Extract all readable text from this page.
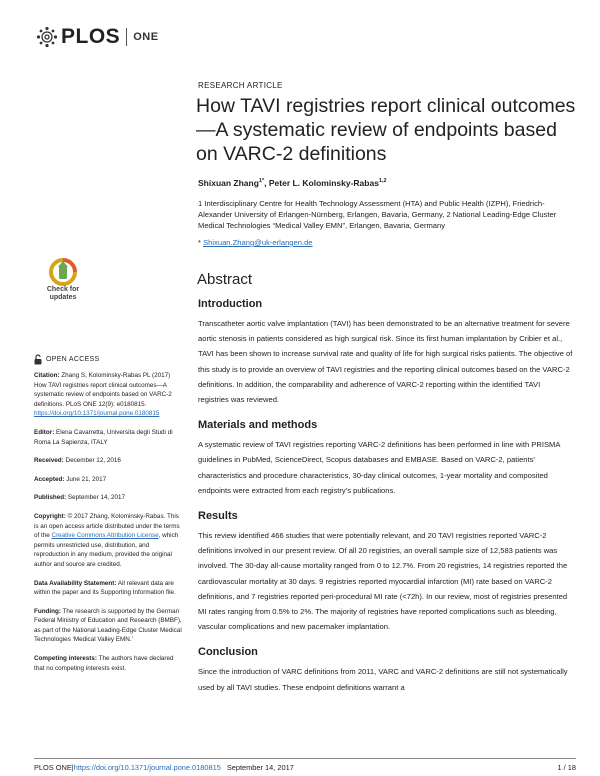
PLOS ONE
RESEARCH ARTICLE
How TAVI registries report clinical outcomes—A systematic review of endpoints based on VARC-2 definitions
Shixuan Zhang$^{1*}$, Peter L. Kolominsky-Rabas$^{1,2}$
1 Interdisciplinary Centre for Health Technology Assessment (HTA) and Public Health (IZPH), Friedrich-Alexander University of Erlangen-Nürnberg, Erlangen, Bavaria, Germany, 2 National Leading-Edge Cluster Medical Technologies “Medical Valley EMN”, Erlangen, Bavaria, Germany
* Shixuan.Zhang@uk-erlangen.de
Check for
updates
OPEN ACCESS

Citation: Zhang S, Kolominsky-Rabas PL (2017) How TAVI registries report clinical outcomes—A systematic review of endpoints based on VARC-2 definitions. PLoS ONE 12(9): e0180815. https://doi.org/10.1371/journal.pone.0180815

Editor: Elena Cavarretta, Universita degli Studi di Roma La Sapienza, ITALY

Received: December 12, 2016

Accepted: June 21, 2017

Published: September 14, 2017

Copyright: © 2017 Zhang, Kolominsky-Rabas. This is an open access article distributed under the terms of the Creative Commons Attribution License, which permits unrestricted use, distribution, and reproduction in any medium, provided the original author and source are credited.

Data Availability Statement: All relevant data are within the paper and its Supporting Information file.

Funding: The research is supported by the German Federal Ministry of Education and Research (BMBF), as part of the National Leading-Edge Cluster Medical Technologies ‘Medical Valley EMN.’

Competing interests: The authors have declared that no competing interests exist.

Abstract
Introduction

Transcatheter aortic valve implantation (TAVI) has been demonstrated to be an alternative treatment for severe aortic stenosis in patients considered as high surgical risk. Since its first human implantation by Cribier et al., TAVI has been shown to increase survival rate and quality of life for high surgical risks patients. The objective of this study is to provide an overview of TAVI registries and the reporting clinical outcomes based on the VARC-2 definitions. In addition, the comparability and adherence of VARC-2 reporting within the identified TAVI registries was reviewed.

Materials and methods

A systematic review of TAVI registries reporting VARC-2 definitions has been performed in line with PRISMA guidelines in PubMed, ScienceDirect, Scopus databases and EMBASE. Based on VARC-2, patients’ characteristics and procedure characteristics, 30-day clinical outcomes, 1-year mortality and composited endpoints were extracted from each registry’s publications.

Results

This review identified 466 studies that were potentially relevant, and 20 TAVI registries reported VARC-2 definitions involved in our present review. Of all 20 registries, an overall sample size of 12,583 patients was involved. The 30-day all-cause mortality ranged from 0 to 12.7%. From 20 registries, 14 registries reported the cardiovascular mortality at 30 days. 9 registries reported myocardial infarction (MI) rate based on VARC-2 definitions, and 7 registries reported peri-procedural MI rate (<72h). In our review, most of registries presented MI rates ranging from 0.5% to 2%. The majority of registries have reported complications such as bleeding, vascular complications and new pacemaker implantation.

Conclusion

Since the introduction of VARC definitions from 2011, VARC and VARC-2 definitions are still not systematically used by all TAVI studies. These endpoint definitions warrant a

PLOS ONE | https://doi.org/10.1371/journal.pone.0180815 September 14, 2017	1 / 18
